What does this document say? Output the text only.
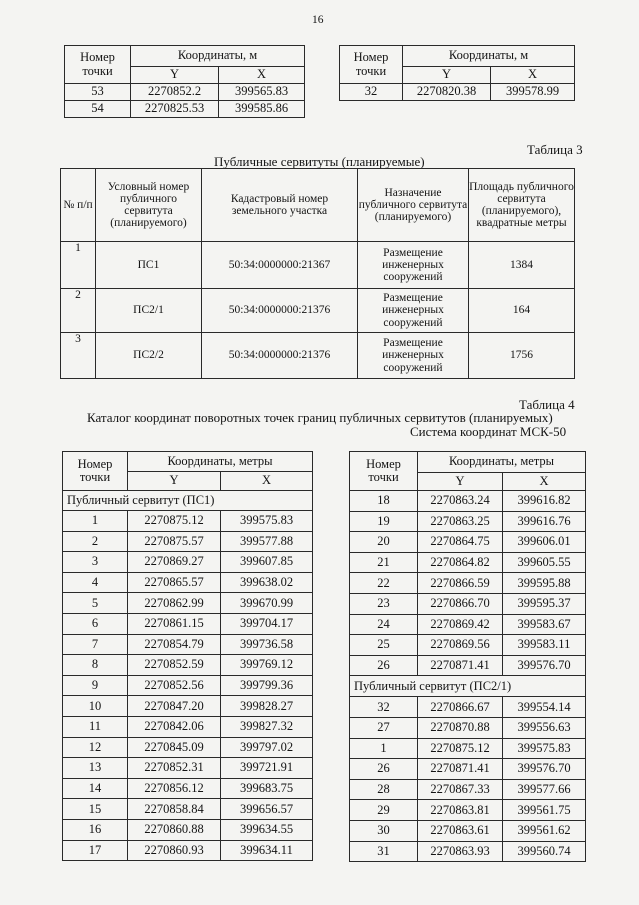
16
Номер точки	Координаты, м	
	Y	X
53	2270852.2	399565.83
54	2270825.53	399585.86
Номер точки	Координаты, м	
	Y	X
32	2270820.38	399578.99
Таблица 3
Публичные сервитуты (планируемые)
№ п/п	Условный номер публичного сервитута (планируемого)	Кадастровый номер земельного участка	Назначение публичного сервитута (планируемого)	Площадь публичного сервитута (планируемого), квадратные метры
1	ПС1	50:34:0000000:21367	Размещение инженерных сооружений	1384
2	ПС2/1	50:34:0000000:21376	Размещение инженерных сооружений	164
3	ПС2/2	50:34:0000000:21376	Размещение инженерных сооружений	1756
Таблица 4
Каталог координат поворотных точек границ публичных сервитутов (планируемых)
Система координат МСК-50
Номер точки	Координаты, метры	
	Y	X
Публичный сервитут (ПС1)		
1	2270875.12	399575.83
2	2270875.57	399577.88
3	2270869.27	399607.85
4	2270865.57	399638.02
5	2270862.99	399670.99
6	2270861.15	399704.17
7	2270854.79	399736.58
8	2270852.59	399769.12
9	2270852.56	399799.36
10	2270847.20	399828.27
11	2270842.06	399827.32
12	2270845.09	399797.02
13	2270852.31	399721.91
14	2270856.12	399683.75
15	2270858.84	399656.57
16	2270860.88	399634.55
17	2270860.93	399634.11
Номер точки	Координаты, метры	
	Y	X
18	2270863.24	399616.82
19	2270863.25	399616.76
20	2270864.75	399606.01
21	2270864.82	399605.55
22	2270866.59	399595.88
23	2270866.70	399595.37
24	2270869.42	399583.67
25	2270869.56	399583.11
26	2270871.41	399576.70
Публичный сервитут (ПС2/1)		
32	2270866.67	399554.14
27	2270870.88	399556.63
1	2270875.12	399575.83
26	2270871.41	399576.70
28	2270867.33	399577.66
29	2270863.81	399561.75
30	2270863.61	399561.62
31	2270863.93	399560.74
